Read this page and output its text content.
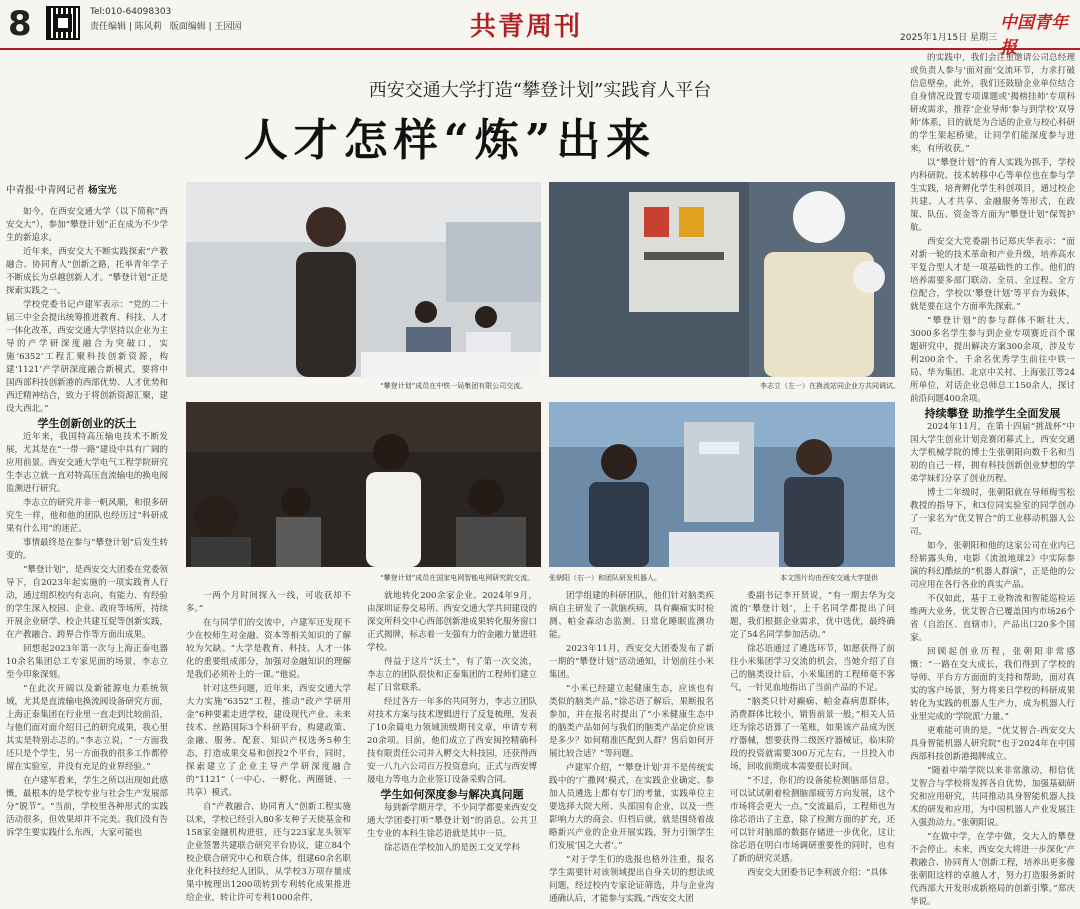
8	Tel:010-64098303
责任编辑 | 陈风莉 版面编辑 | 王园园	共青周刊	2025年1月15日 星期三
中国青年报
西安交通大学打造“攀登计划”实践育人平台
人才怎样“炼”出来
中青报·中青网记者 杨宝光

如今，在西安交通大学（以下简称“西安交大”），参加“攀登计划”正在成为不少学生的新追求。

近年来，西安交大不断实践探索“产教融合、协同育人”创新之路，托举青年学子不断成长为卓越创新人才。“攀登计划”正是探索实践之一。

学校党委书记卢建军表示：“党的二十届三中全会提出统筹推进教育、科技、人才一体化改革，西安交通大学坚持以企业为主导的产学研深度融合为突破口，实施‘6352’工程汇聚科技创新资源，构建‘1121’产学研深度融合新模式，要将中国西部科技创新港的西部优势、人才优势和西迁精神结合，致力于将创新资源汇聚，建设大西北。”

学生创新创业的沃土

近年来，我国特高压输电技术不断发展，尤其是在“一带一路”建设中具有广阔的应用前景。西安交通大学电气工程学院研究生李志立就一直对特高压直流输电的换电阀监测进行研究。

李志立的研究并非一帆风顺，和很多研究生一样，他和他的团队也经历过“科研成果有什么用”的迷茫。

事情最终是在参与“攀登计划”后发生转变的。

“攀登计划”，是西安交大团委在党委领导下，自2023年起实施的一项实践育人行动，通过组织校内有志向、有能力、有经验的学生深入校园、企业、政府等场所，持续开展企业研学、校企共建互促等创新实践，在产教融合、跨界合作等方面出成果。

回想起2023年第一次与上海正泰电器10余名集团总工专家见面的场景，李志立至今印象深刻。

“在此次开阔以及新能源电力系统领域，尤其是直流输电换流阀设备研究方面，上海正泰集团在行业里一直走到比较前沿，与他们面对面介绍日己的研究成果，我心里其实是特别忐忑的。”李志立说，“一方面我还只是个学生，另一方面我的很多工作都停留在实验室，并没有充足的业界经验。”

在卢建军看来，学生之所以出现如此感慨，最根本的是学校专业与社会生产发展部分“脱节”。“当前，学校里各种形式的实践活动很多，但效果却并不完美。我们没有告诉学生要实践什么东西，大家可能也

“攀登计划”成员在中铁一局集团有限公司交流。	李志立（左一）在换流站同企业方共同调试。
“攀登计划”成员在国家电网智能电网研究院交流。 张朝阳（右一）和团队研发机器人。	本文图片均由西安交通大学提供

一两个月时间探入一线，可收获却不多。”

在与同学们的交流中，卢建军还发现不少在校师生对金融、资本等相关知识的了解较为欠缺。“大学是教育、科技、人才一体化的重要组成部分，加强对金融知识的理解是我们必须补上的一课。”他说。

针对这些问题，近年来，西安交通大学大力实施“6352”工程，推动“政产学研用金”6种要素走进学校，建设现代产业、未来技术、丝路国际3个科研平台，构建政策、金融、服务、配套、知识产权选务5种生态，打造成果交易和创投2个平台，同时，探索建立了企业主导产学研深度融合的“1121”（一中心、一孵化、两圈链、一共享）模式。

自“产教融合、协同育人”创新工程实施以来，学校已经引入80多支种子天使基金和158家金融机构进驻，还与223家龙头领军企业签署共建联合研究平台协议，建立84个校企联合研究中心和联合体，组建60余名职业化科技经纪人团队，从学校3万项存量成果中梳理出1200项转到专利转化成果推进给企业，转让许可专利1000余件，

就地转化200余家企业。2024年9月，由深圳证券交易所、西安交通大学共同建设的深交所科交中心西部创新港成果转化服务窗口正式揭牌，标志着一支强有力的金融力量进驻学校。

得益于这片“沃土”，有了第一次交流，李志立的团队很快和正泰集团的工程师们建立起了日常联系。

经过各方一年多的共同努力，李志立团队对技术方案与技术逻辑进行了反复梳理，发表了10余篇电力领域顶级期刊文章，申请专利20余项。目前，他们成立了西安闽控精确科技有限责任公司并入孵交大科技园，还获得西安一八九六公司百万投资意向，正式与西安博晟电力等电力企业签订设备采购合同。

学生如何深度参与解决真问题

每到新学期开学，不少同学都要来西安交通大学团委打听“攀登计划”的消息。公共卫生专业的本科生徐芯语就是其中一员。

徐芯语在学校加入的是医工交叉学科

团学组建的科研团队，他们针对脑类疾病自主研发了一款脑疾病，具有癫痫实时检测、帕金森动态监测、日常化睡眠监测功能。

2023年11月，西安交大团委发布了新一期的“攀登计划”活动通知，计划前往小米集团。

“小米已经建立起健康生态，应该也有类似的脑类产品，”徐芯语了解后，果断报名参加，并在报名时提出了“小米健康生态中的脑类产品如何与我们的脑类产品定价应该是多少？如何精准匹配到人群？售后如何开展比较合适？”等问题。

卢建军介绍，“‘攀登计划’并不是传统实践中的‘广撒网’模式，在实践企业确定、参加人员遴选上都有专门的考量，实践单位主要选择大院大所、头部国有企业，以及一些影响力大的商会、归档后就，就是围绕着战略新兴产业的企业开展实践，努力引领学生们发展‘国之大者’。”

“对于学生们的选报也格外注重，报名学生需要针对该领域提出自身关切的想法或问题，经过校内专家论证筛选，并与企业沟通确认后，才能参与实践。”西安交大团

委副书记李开贤说，“有一期去华为交流的‘攀登计划’，上千名同学都提出了问题，我们根据企业需求，优中选优，最终确定了54名同学参加活动。”

徐芯语通过了遴选环节，如愿获得了前往小米集团学习交流的机会，当她介绍了自己的脑类设计后，小米集团的工程师毫不客气，一针见血地指出了当前产品的不足。

“脑类只针对癫痫、帕金森病患群体，消费群体比较小，销售前景一般，”相关人员还为徐芯语算了一笔账，如果该产品成为医疗器械，想要获得二级医疗器械证，临床阶段的投资就需要300万元左右，一旦投入市场，回收前期成本需要很长时间。

“不过，你们的设备能检测脑部信息，可以试试朝着检测脑部疲劳方向发展，这个市场将会更大一点。”交流最后，工程师也为徐芯语出了主意，除了检测方面的扩充，还可以针对脑部的数据存储进一步优化，这让徐芯语在明白市场调研重要性的同时，也有了新的研究灵感。

西安交大团委书记李利波介绍：“具体

的实践中，我们会注重邀请公司总经理或负责人参与‘面对面’交流环节，力求打破信息壁垒，此外，我们还鼓励企业单位结合自身情况设置专项课题或‘揭榜挂帅’专项科研或需求，推荐‘企业导师’参与到学校‘双导师’体系，目的就是为合适的企业与校心科研的学生架起桥梁，让同学们能深度参与进来，有所收获。”

以“攀登计划”的育人实践为抓手，学校内科研院、技术转移中心等单位也在参与学生实践，培育孵化学生科创项目，通过校企共建、人才共享、金融服务等形式，在政策、队伍、资金等方面为“攀登计划”保驾护航。

西安交大党委副书记郑庆华表示：“面对新一轮的技术革命和产业升级，培养高水平复合型人才是一项基础性的工作。他们的培养需要多部门联动、全员、全过程、全方位配合，学校以‘攀登计划’等平台为载体，就是要在这个方面率先探索。”

“攀登计划”的参与群体不断壮大，3000多名学生参与到企业专项赛近百个课题研究中，提出解决方案300余项，涉及专利200余个，千余名优秀学生前往中铁一局、华为集团、北京中关村、上海张江等24所单位，对话企业总师总工150余人，探讨前沿问题400余项。

持续攀登 助推学生全面发展

2024年11月，在第十四届“挑战杯”中国大学生创业计划竞赛闭幕式上，西安交通大学机械学院的博士生张朝阳向数千名和当初的自己一样，拥有科技创新创业梦想的学弟学妹们分享了创业历程。

博士二年级时，张朝阳就在导师梅雪松教授的指导下，和3位同实验室的同学创办了一家名为“优艾智合”的工业移动机器人公司。

如今，张朝阳和他的这家公司在业内已经崭露头角，电影《流浪地球2》中实际参演的科幻酷炫的“机器人群演”，正是他的公司应用在各行各业的真实产品。

不仅如此，基于工业物流和智能巡检运维两大业务，优艾智合已覆盖国内市场26个省（自治区、直辖市），产品出口20多个国家。

回顾起创业历程，张朝阳非常感慨：“一路在交大成长，我们得到了学校的导师、平台方方面面的支持和帮助，面对真实的客户场景，努力将来日学校的科研成果转化为实践的机器人生产力，成为机器人行业里完成的‘学院派’力量。”

更难能可贵的是，“优艾智合-西安交大具身智能机器人研究院”也于2024年在中国西部科技创新港揭牌成立。

“随着中端学院以来非常激动，相信优艾智合与学校将发挥各自优势，加强基础研究和应用研究，共同推动具身智能机器人技术的研发和应用，为中国机器人产业发展注入强劲动力。”张朝阳说。

“在做中学，在学中做，交大人的攀登不会停止。未来，西安交大将进一步深化‘产教融合、协同育人’创新工程，培养出更多像张朝阳这样的卓越人才，努力打造服务新时代西部大开发形成新格局的创新引擎。”郑庆华说。
